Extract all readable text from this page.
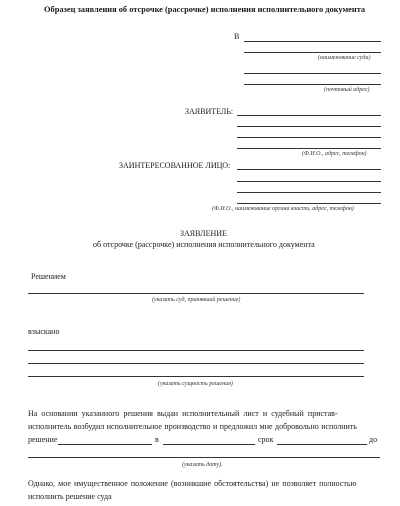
Образец заявления об отсрочке (рассрочке) исполнения исполнительного документа
В
(наименование суда)
(почтовый адрес)
ЗАЯВИТЕЛЬ:
(Ф.И.О., адрес, телефон)
ЗАИНТЕРЕСОВАННОЕ ЛИЦО:
(Ф.И.О., наименование органа власти, адрес, телефон)
ЗАЯВЛЕНИЕ
об отсрочке (рассрочке) исполнения исполнительного документа
Решением
(указать суд, принявший решение)
взыскано
(указать сущность решения)
На основании указанного решения выдан исполнительный лист и судебный пристав-
исполнитель возбудил исполнительное производство и предложил мне добровольно исполнить
решение	в	срок	до
(указать дату).
Однако, мое имущественное положение (возникшие обстоятельства) не позволяет полностью
исполнить решение суда
